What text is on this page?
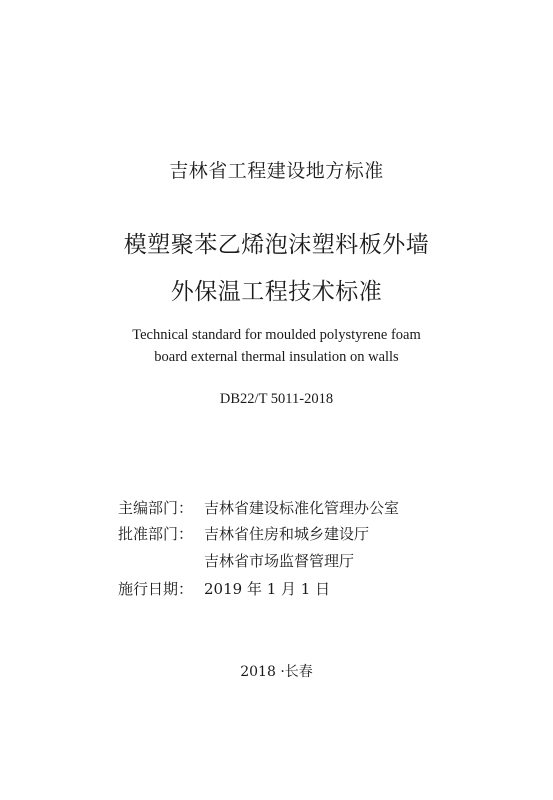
吉林省工程建设地方标准
模塑聚苯乙烯泡沫塑料板外墙
外保温工程技术标准
Technical standard for moulded polystyrene foam
board external thermal insulation on walls
DB22/T 5011-2018
主编部门： 吉林省建设标准化管理办公室
批准部门： 吉林省住房和城乡建设厅
吉林省市场监督管理厅
施行日期： 2019 年 1 月 1 日
2018 ·长春
